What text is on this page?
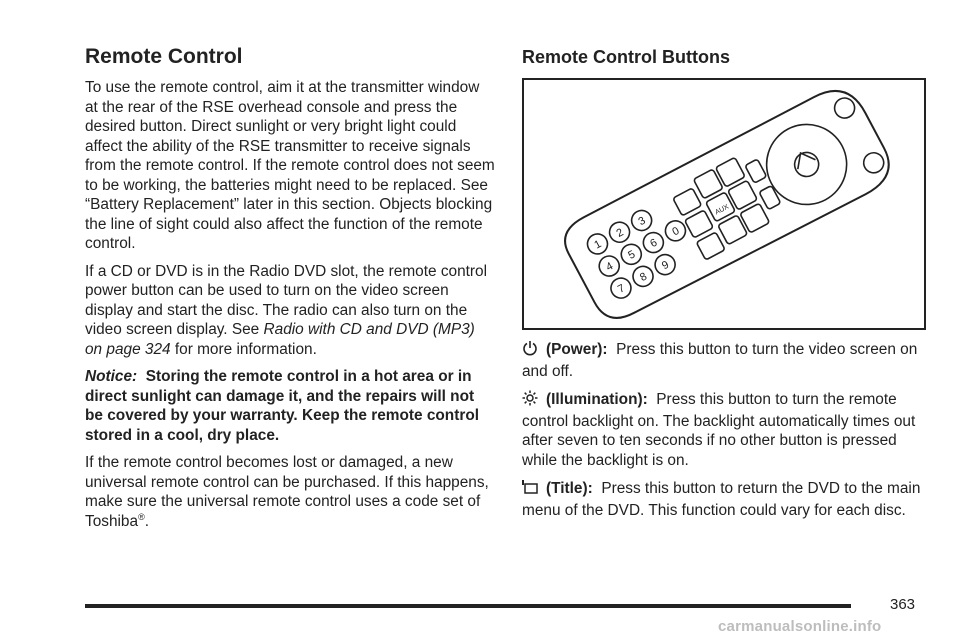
Remote Control

To use the remote control, aim it at the transmitter window at the rear of the RSE overhead console and press the desired button. Direct sunlight or very bright light could affect the ability of the RSE transmitter to receive signals from the remote control. If the remote control does not seem to be working, the batteries might need to be replaced. See “Battery Replacement” later in this section. Objects blocking the line of sight could also affect the function of the remote control.

If a CD or DVD is in the Radio DVD slot, the remote control power button can be used to turn on the video screen display and start the disc. The radio can also turn on the video screen display. See Radio with CD and DVD (MP3) on page 324 for more information.

Notice: Storing the remote control in a hot area or in direct sunlight can damage it, and the repairs will not be covered by your warranty. Keep the remote control stored in a cool, dry place.

If the remote control becomes lost or damaged, a new universal remote control can be purchased. If this happens, make sure the universal remote control uses a code set of Toshiba®.

Remote Control Buttons
1
2
3
4
5
6
7
8
9
0
AUX

(Power): Press this button to turn the video screen on and off.

(Illumination): Press this button to turn the remote control backlight on. The backlight automatically times out after seven to ten seconds if no other button is pressed while the backlight is on.

(Title): Press this button to return the DVD to the main menu of the DVD. This function could vary for each disc.

363
carmanualsonline.info
